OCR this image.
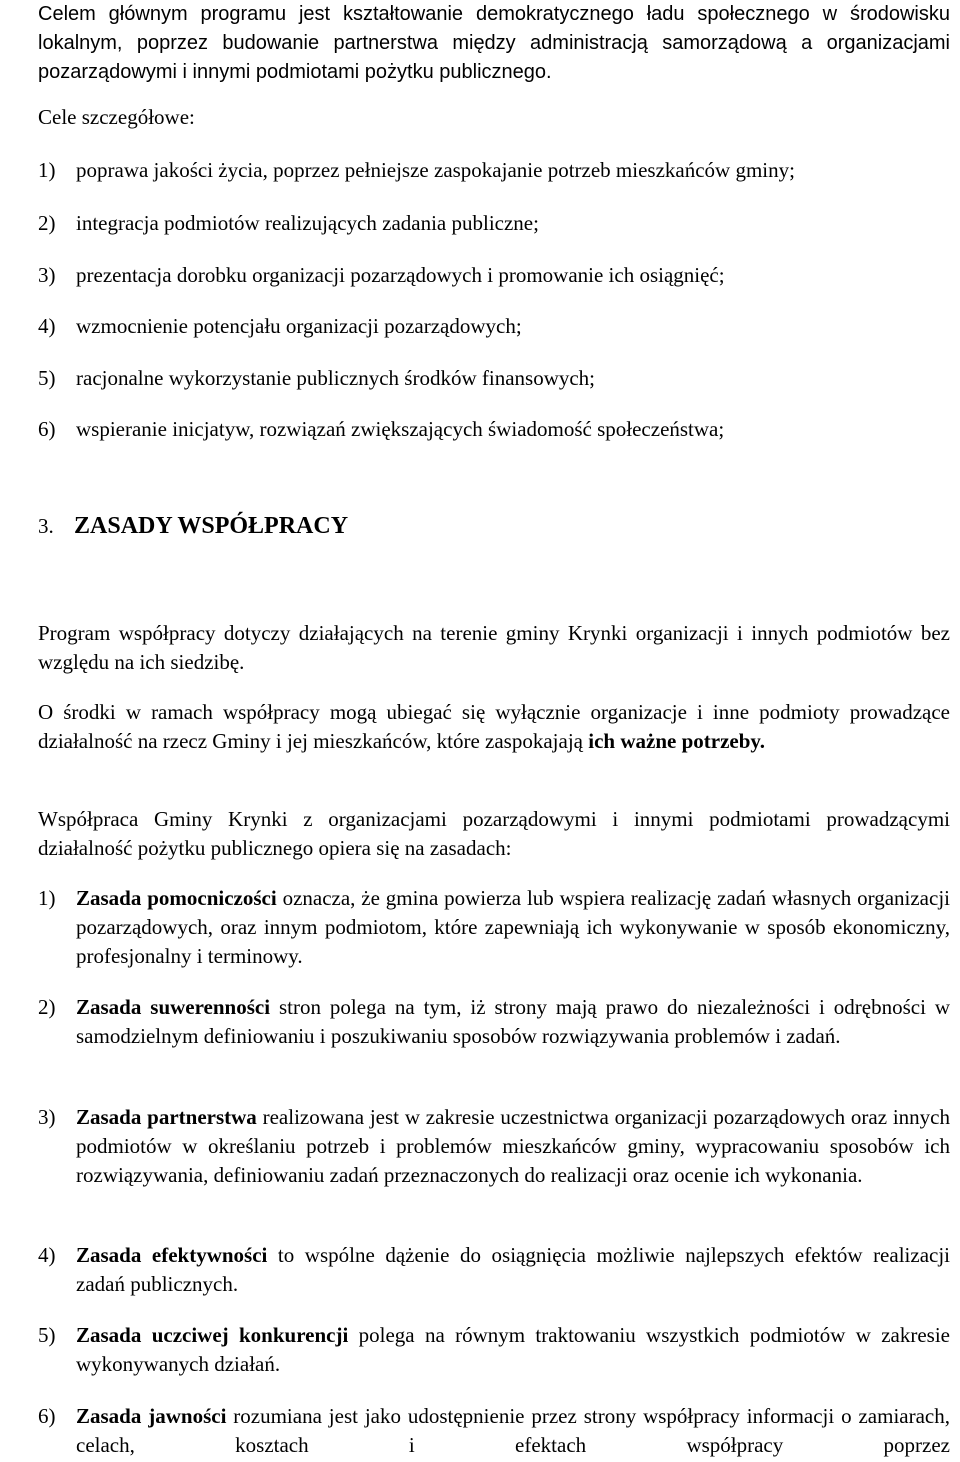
Celem głównym programu jest kształtowanie demokratycznego ładu społecznego w środowisku lokalnym, poprzez budowanie partnerstwa między administracją samorządową a organizacjami pozarządowymi i innymi podmiotami pożytku publicznego.

Cele szczegółowe:

1) poprawa jakości życia, poprzez pełniejsze zaspokajanie potrzeb mieszkańców gminy;
2) integracja podmiotów realizujących zadania publiczne;
3) prezentacja dorobku organizacji pozarządowych i promowanie ich osiągnięć;
4) wzmocnienie potencjału organizacji pozarządowych;
5) racjonalne wykorzystanie publicznych środków finansowych;
6) wspieranie inicjatyw, rozwiązań zwiększających świadomość społeczeństwa;
3. ZASADY WSPÓŁPRACY

Program współpracy dotyczy działających na terenie gminy Krynki organizacji i innych podmiotów bez względu na ich siedzibę.

O środki w ramach współpracy mogą ubiegać się wyłącznie organizacje i inne podmioty prowadzące działalność na rzecz Gminy i jej mieszkańców, które zaspokajają ich ważne potrzeby.

Współpraca Gminy Krynki z organizacjami pozarządowymi i innymi podmiotami prowadzącymi działalność pożytku publicznego opiera się na zasadach:

1) Zasada pomocniczości oznacza, że gmina powierza lub wspiera realizację zadań własnych organizacji pozarządowych, oraz innym podmiotom, które zapewniają ich wykonywanie w sposób ekonomiczny, profesjonalny i terminowy.
2) Zasada suwerenności stron polega na tym, iż strony mają prawo do niezależności i odrębności w samodzielnym definiowaniu i poszukiwaniu sposobów rozwiązywania problemów i zadań.
3) Zasada partnerstwa realizowana jest w zakresie uczestnictwa organizacji pozarządowych oraz innych podmiotów w określaniu potrzeb i problemów mieszkańców gminy, wypracowaniu sposobów ich rozwiązywania, definiowaniu zadań przeznaczonych do realizacji oraz ocenie ich wykonania.
4) Zasada efektywności to wspólne dążenie do osiągnięcia możliwie najlepszych efektów realizacji zadań publicznych.
5) Zasada uczciwej konkurencji polega na równym traktowaniu wszystkich podmiotów w zakresie wykonywanych działań.
6) Zasada jawności rozumiana jest jako udostępnienie przez strony współpracy informacji o zamiarach, celach, kosztach i efektach współpracy poprzez
